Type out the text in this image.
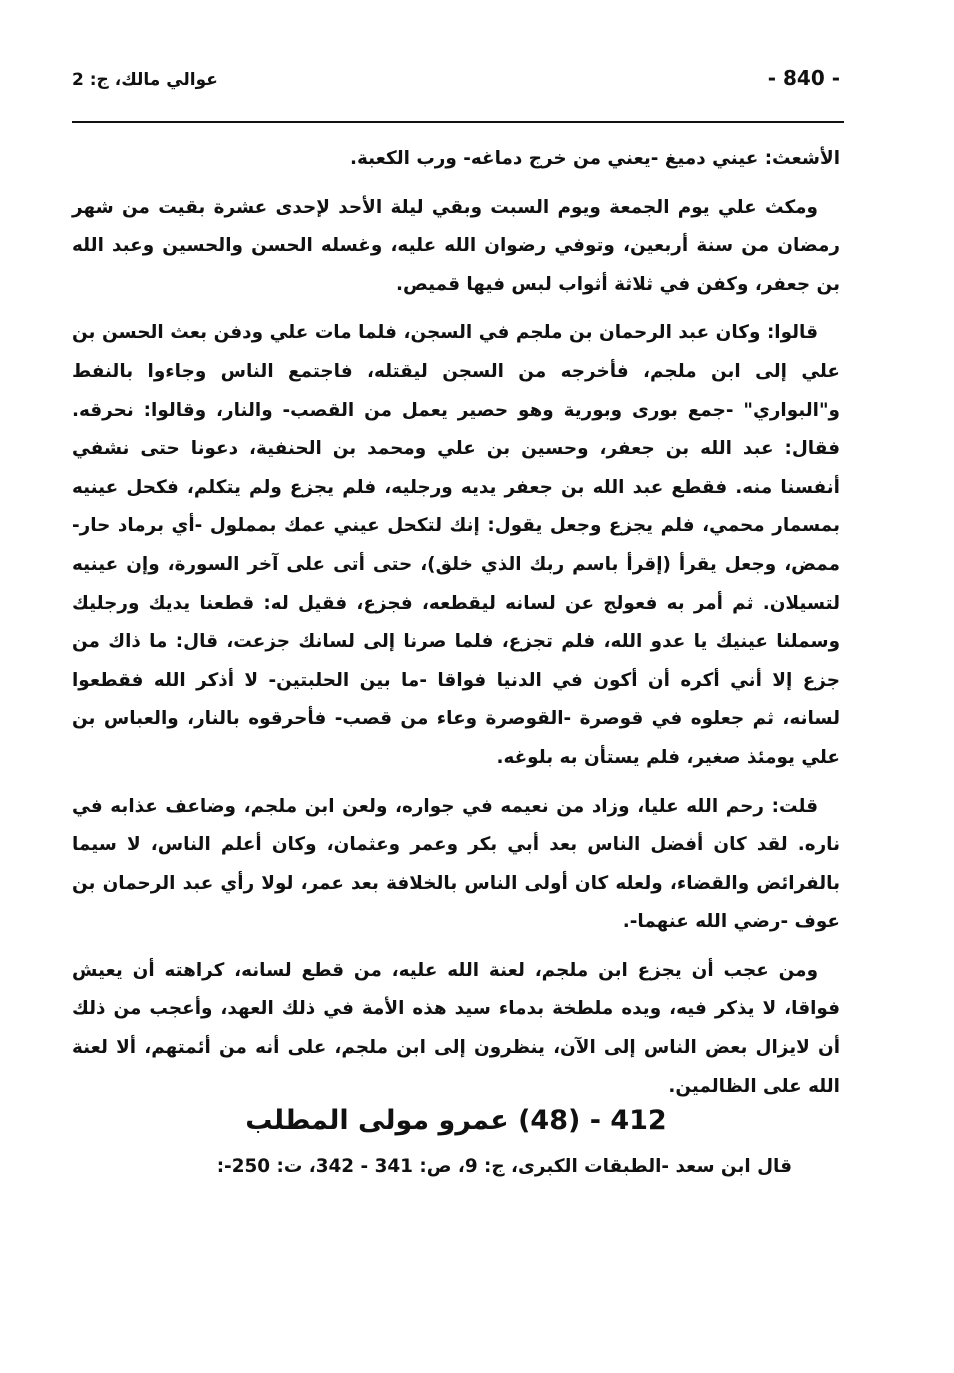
- 840 -
عوالي مالك، ج: 2

الأشعث: عيني دميغ -يعني من خرج دماغه- ورب الكعبة.

ومكث علي يوم الجمعة ويوم السبت وبقي ليلة الأحد لإحدى عشرة بقيت من شهر رمضان من سنة أربعين، وتوفي رضوان الله عليه، وغسله الحسن والحسين وعبد الله بن جعفر، وكفن في ثلاثة أثواب لبس فيها قميص.

قالوا: وكان عبد الرحمان بن ملجم في السجن، فلما مات علي ودفن بعث الحسن بن علي إلى ابن ملجم، فأخرجه من السجن ليقتله، فاجتمع الناس وجاءوا بالنفط و"البواري" -جمع بورى وبورية وهو حصير يعمل من القصب- والنار، وقالوا: نحرقه. فقال: عبد الله بن جعفر، وحسين بن علي ومحمد بن الحنفية، دعونا حتى نشفي أنفسنا منه. فقطع عبد الله بن جعفر يديه ورجليه، فلم يجزع ولم يتكلم، فكحل عينيه بمسمار محمي، فلم يجزع وجعل يقول: إنك لتكحل عيني عمك بمملول -أي برماد حار- ممض، وجعل يقرأ (إقرأ باسم ربك الذي خلق)، حتى أتى على آخر السورة، وإن عينيه لتسيلان. ثم أمر به فعولج عن لسانه ليقطعه، فجزع، فقيل له: قطعنا يديك ورجليك وسملنا عينيك يا عدو الله، فلم تجزع، فلما صرنا إلى لسانك جزعت، قال: ما ذاك من جزع إلا أني أكره أن أكون في الدنيا فواقا -ما بين الحلبتين- لا أذكر الله فقطعوا لسانه، ثم جعلوه في قوصرة -القوصرة وعاء من قصب- فأحرقوه بالنار، والعباس بن علي يومئذ صغير، فلم يستأن به بلوغه.

قلت: رحم الله عليا، وزاد من نعيمه في جواره، ولعن ابن ملجم، وضاعف عذابه في ناره. لقد كان أفضل الناس بعد أبي بكر وعمر وعثمان، وكان أعلم الناس، لا سيما بالفرائض والقضاء، ولعله كان أولى الناس بالخلافة بعد عمر، لولا رأي عبد الرحمان بن عوف -رضي الله عنهما-.

ومن عجب أن يجزع ابن ملجم، لعنة الله عليه، من قطع لسانه، كراهته أن يعيش فواقا، لا يذكر فيه، ويده ملطخة بدماء سيد هذه الأمة في ذلك العهد، وأعجب من ذلك أن لايزال بعض الناس إلى الآن، ينظرون إلى ابن ملجم، على أنه من أئمتهم، ألا لعنة الله على الظالمين.

412 - (48) عمرو مولى المطلب
قال ابن سعد -الطبقات الكبرى، ج: 9، ص: 341 - 342، ت: 250-:
